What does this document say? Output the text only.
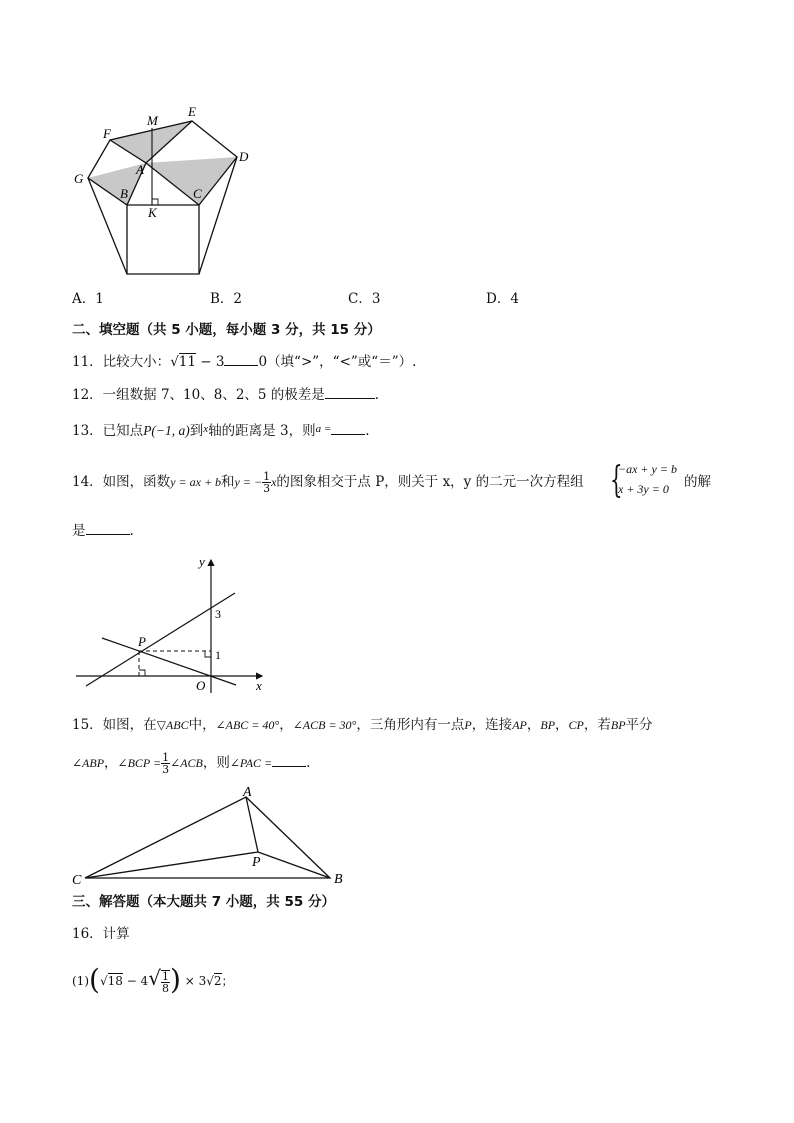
M
E
F
D
G
A
B	C
K
A．1	B．2	C．3	D．4
二、填空题（共 5 小题，每小题 3 分，共 15 分）
11．比较大小：√11 − 3	0（填“>”，“<”或“＝”）.
12．一组数据 7、10、8、2、5 的极差是	.
13．已知点P(−1, a)到$^x$轴的距离是 3，则$^{a =}$	.
14．如图，函数y = ax + b和y = − $\frac{1}{3}$ x的图象相交于点 P，则关于 x，y 的二元一次方程组 {
−ax + y = b
x + 3y = 0 的解
是	.
y
x
O
P
3
1
15．如图，在▽ABC中，∠ABC = 40°，∠ACB = 30°，三角形内有一点P，连接AP，BP，CP，若BP平分
∠ABP，∠BCP = $\frac{1}{3}$ ∠ACB，则∠PAC =	.
A
B
C
P
三、解答题（本大题共 7 小题，共 55 分）
16．计算
$(1)(√18 - 4√ \frac{1}{8}$ ) × 3√2；
